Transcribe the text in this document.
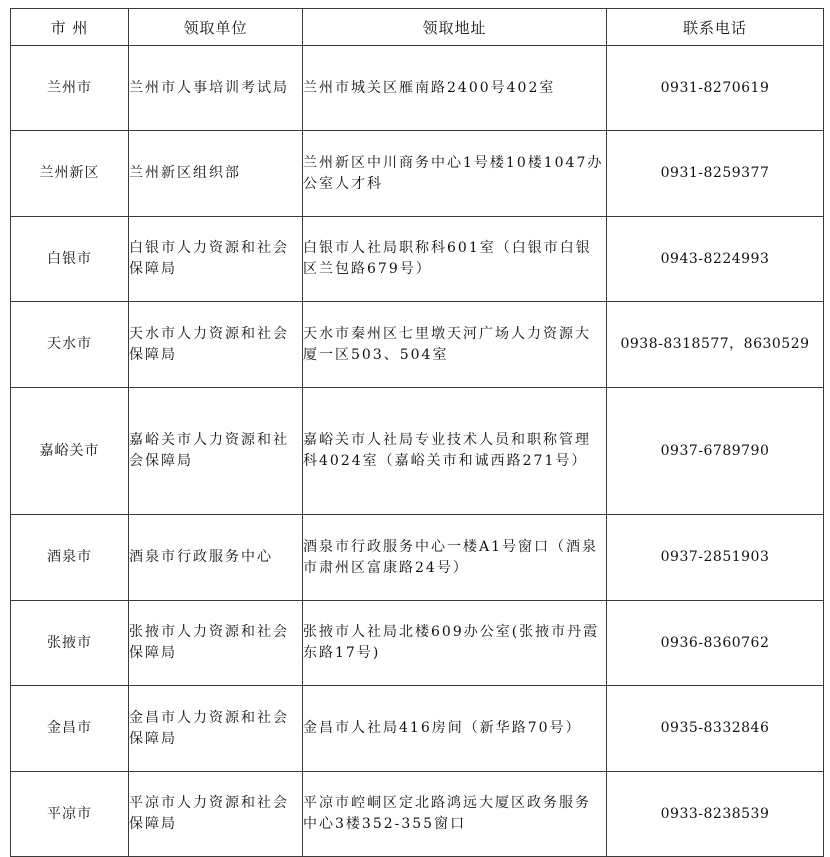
市 州	领取单位	领取地址	联系电话
兰州市	兰州市人事培训考试局	兰州市城关区雁南路2400号402室	0931-8270619
兰州新区	兰州新区组织部	兰州新区中川商务中心1号楼10楼1047办公室人才科	0931-8259377
白银市	白银市人力资源和社会保障局	白银市人社局职称科601室（白银市白银区兰包路679号）	0943-8224993
天水市	天水市人力资源和社会保障局	天水市秦州区七里墩天河广场人力资源大厦一区503、504室	0938-8318577，8630529
嘉峪关市	嘉峪关市人力资源和社会保障局	嘉峪关市人社局专业技术人员和职称管理科4024室（嘉峪关市和诚西路271号）	0937-6789790
酒泉市	酒泉市行政服务中心	酒泉市行政服务中心一楼A1号窗口（酒泉市肃州区富康路24号）	0937-2851903
张掖市	张掖市人力资源和社会保障局	张掖市人社局北楼609办公室(张掖市丹霞东路17号)	0936-8360762
金昌市	金昌市人力资源和社会保障局	金昌市人社局416房间（新华路70号）	0935-8332846
平凉市	平凉市人力资源和社会保障局	平凉市崆峒区定北路鸿远大厦区政务服务中心3楼352-355窗口	0933-8238539
